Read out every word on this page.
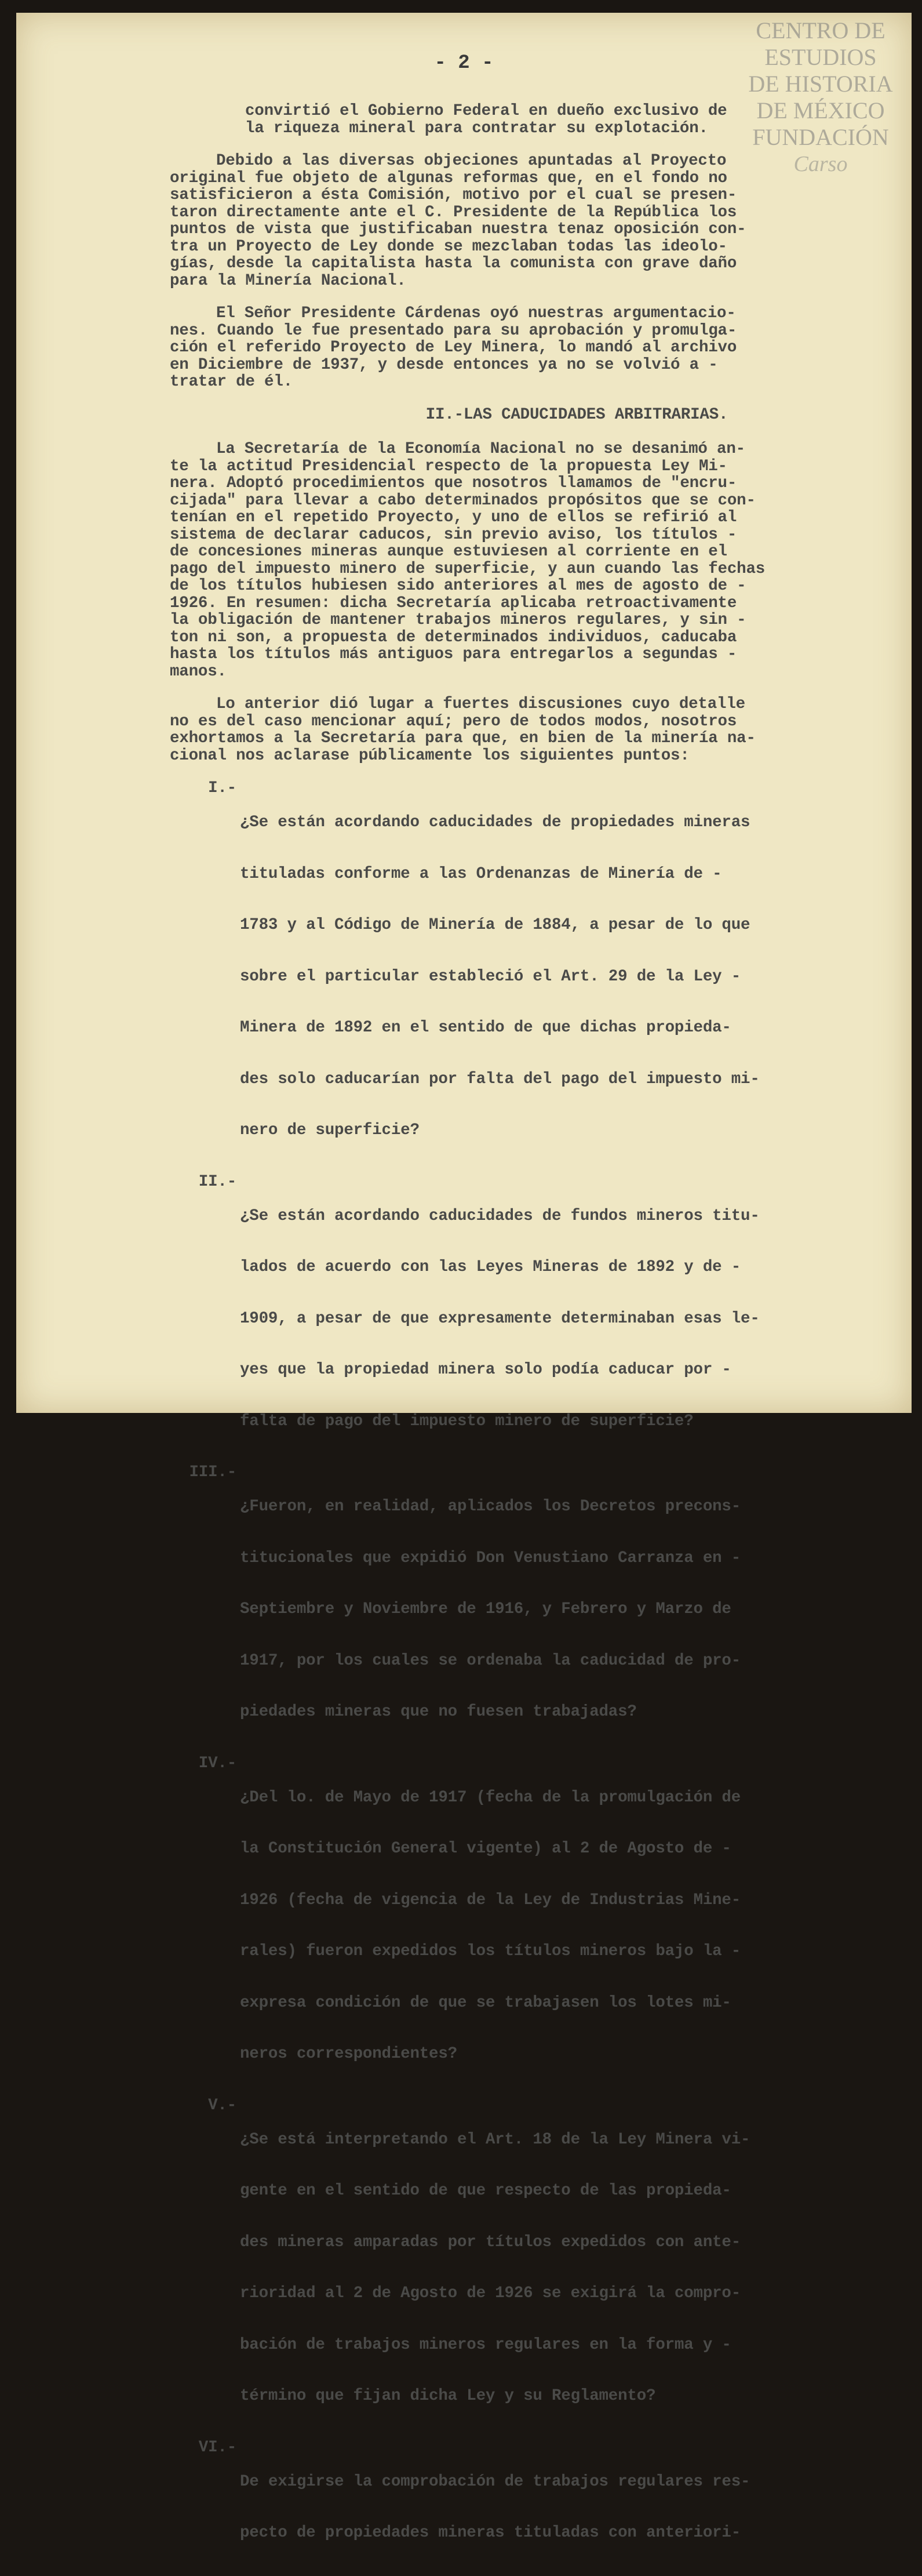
CENTRO DE
ESTUDIOS
DE HISTORIA
DE MÉXICO
FUNDACIÓN
Carso
- 2 -

convirtió el Gobierno Federal en dueño exclusivo de

la riqueza mineral para contratar su explotación.

Debido a las diversas objeciones apuntadas al Proyecto

original fue objeto de algunas reformas que, en el fondo no

satisficieron a ésta Comisión, motivo por el cual se presen-

taron directamente ante el C. Presidente de la República los

puntos de vista que justificaban nuestra tenaz oposición con-

tra un Proyecto de Ley donde se mezclaban todas las ideolo-

gías, desde la capitalista hasta la comunista con grave daño

para la Minería Nacional.

El Señor Presidente Cárdenas oyó nuestras argumentacio-

nes. Cuando le fue presentado para su aprobación y promulga-

ción el referido Proyecto de Ley Minera, lo mandó al archivo

en Diciembre de 1937, y desde entonces ya no se volvió a -

tratar de él.

II.-LAS CADUCIDADES ARBITRARIAS.

La Secretaría de la Economía Nacional no se desanimó an-

te la actitud Presidencial respecto de la propuesta Ley Mi-

nera. Adoptó procedimientos que nosotros llamamos de "encru-

cijada" para llevar a cabo determinados propósitos que se con-

tenían en el repetido Proyecto, y uno de ellos se refirió al

sistema de declarar caducos, sin previo aviso, los títulos -

de concesiones mineras aunque estuviesen al corriente en el

pago del impuesto minero de superficie, y aun cuando las fechas

de los títulos hubiesen sido anteriores al mes de agosto de -

1926. En resumen: dicha Secretaría aplicaba retroactivamente

la obligación de mantener trabajos mineros regulares, y sin -

ton ni son, a propuesta de determinados individuos, caducaba

hasta los títulos más antiguos para entregarlos a segundas -

manos.

Lo anterior dió lugar a fuertes discusiones cuyo detalle

no es del caso mencionar aquí; pero de todos modos, nosotros

exhortamos a la Secretaría para que, en bien de la minería na-

cional nos aclarase públicamente los siguientes puntos:

I.-

¿Se están acordando caducidades de propiedades mineras

tituladas conforme a las Ordenanzas de Minería de -

1783 y al Código de Minería de 1884, a pesar de lo que

sobre el particular estableció el Art. 29 de la Ley -

Minera de 1892 en el sentido de que dichas propieda-

des solo caducarían por falta del pago del impuesto mi-

nero de superficie?

II.-

¿Se están acordando caducidades de fundos mineros titu-

lados de acuerdo con las Leyes Mineras de 1892 y de -

1909, a pesar de que expresamente determinaban esas le-

yes que la propiedad minera solo podía caducar por -

falta de pago del impuesto minero de superficie?

III.-

¿Fueron, en realidad, aplicados los Decretos precons-

titucionales que expidió Don Venustiano Carranza en -

Septiembre y Noviembre de 1916, y Febrero y Marzo de

1917, por los cuales se ordenaba la caducidad de pro-

piedades mineras que no fuesen trabajadas?

IV.-

¿Del lo. de Mayo de 1917 (fecha de la promulgación de

la Constitución General vigente) al 2 de Agosto de -

1926 (fecha de vigencia de la Ley de Industrias Mine-

rales) fueron expedidos los títulos mineros bajo la -

expresa condición de que se trabajasen los lotes mi-

neros correspondientes?

V.-

¿Se está interpretando el Art. 18 de la Ley Minera vi-

gente en el sentido de que respecto de las propieda-

des mineras amparadas por títulos expedidos con ante-

rioridad al 2 de Agosto de 1926 se exigirá la compro-

bación de trabajos mineros regulares en la forma y -

término que fijan dicha Ley y su Reglamento?

VI.-

De exigirse la comprobación de trabajos regulares res-

pecto de propiedades mineras tituladas con anteriori-
